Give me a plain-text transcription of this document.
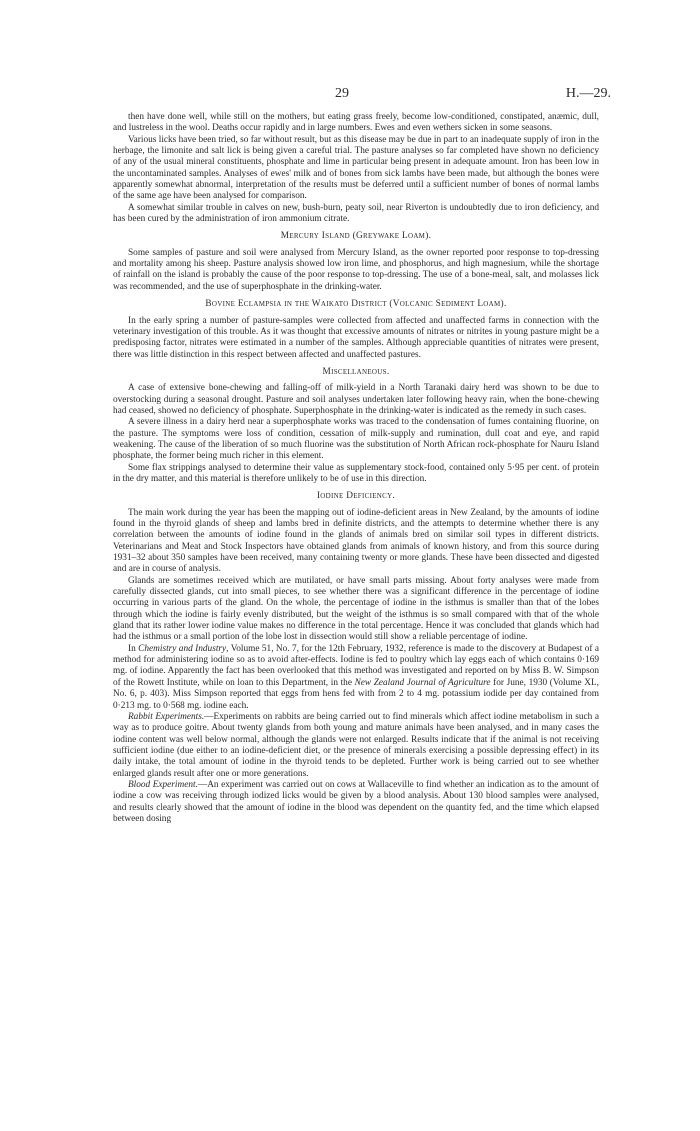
29	H.—29.

then have done well, while still on the mothers, but eating grass freely, become low-conditioned, constipated, anæmic, dull, and lustreless in the wool. Deaths occur rapidly and in large numbers. Ewes and even wethers sicken in some seasons.

Various licks have been tried, so far without result, but as this disease may be due in part to an inadequate supply of iron in the herbage, the limonite and salt lick is being given a careful trial. The pasture analyses so far completed have shown no deficiency of any of the usual mineral constituents, phosphate and lime in particular being present in adequate amount. Iron has been low in the uncontaminated samples. Analyses of ewes' milk and of bones from sick lambs have been made, but although the bones were apparently somewhat abnormal, interpretation of the results must be deferred until a sufficient number of bones of normal lambs of the same age have been analysed for comparison.

A somewhat similar trouble in calves on new, bush-burn, peaty soil, near Riverton is undoubtedly due to iron deficiency, and has been cured by the administration of iron ammonium citrate.

Mercury Island (Greywake Loam).

Some samples of pasture and soil were analysed from Mercury Island, as the owner reported poor response to top-dressing and mortality among his sheep. Pasture analysis showed low iron lime, and phosphorus, and high magnesium, while the shortage of rainfall on the island is probably the cause of the poor response to top-dressing. The use of a bone-meal, salt, and molasses lick was recommended, and the use of superphosphate in the drinking-water.

Bovine Eclampsia in the Waikato District (Volcanic Sediment Loam).

In the early spring a number of pasture-samples were collected from affected and unaffected farms in connection with the veterinary investigation of this trouble. As it was thought that excessive amounts of nitrates or nitrites in young pasture might be a predisposing factor, nitrates were estimated in a number of the samples. Although appreciable quantities of nitrates were present, there was little distinction in this respect between affected and unaffected pastures.

Miscellaneous.

A case of extensive bone-chewing and falling-off of milk-yield in a North Taranaki dairy herd was shown to be due to overstocking during a seasonal drought. Pasture and soil analyses undertaken later following heavy rain, when the bone-chewing had ceased, showed no deficiency of phosphate. Superphosphate in the drinking-water is indicated as the remedy in such cases.

A severe illness in a dairy herd near a superphosphate works was traced to the condensation of fumes containing fluorine, on the pasture. The symptoms were loss of condition, cessation of milk-supply and rumination, dull coat and eye, and rapid weakening. The cause of the liberation of so much fluorine was the substitution of North African rock-phosphate for Nauru Island phosphate, the former being much richer in this element.

Some flax strippings analysed to determine their value as supplementary stock-food, contained only 5·95 per cent. of protein in the dry matter, and this material is therefore unlikely to be of use in this direction.

Iodine Deficiency.

The main work during the year has been the mapping out of iodine-deficient areas in New Zealand, by the amounts of iodine found in the thyroid glands of sheep and lambs bred in definite districts, and the attempts to determine whether there is any correlation between the amounts of iodine found in the glands of animals bred on similar soil types in different districts. Veterinarians and Meat and Stock Inspectors have obtained glands from animals of known history, and from this source during 1931–32 about 350 samples have been received, many containing twenty or more glands. These have been dissected and digested and are in course of analysis.

Glands are sometimes received which are mutilated, or have small parts missing. About forty analyses were made from carefully dissected glands, cut into small pieces, to see whether there was a significant difference in the percentage of iodine occurring in various parts of the gland. On the whole, the percentage of iodine in the isthmus is smaller than that of the lobes through which the iodine is fairly evenly distributed, but the weight of the isthmus is so small compared with that of the whole gland that its rather lower iodine value makes no difference in the total percentage. Hence it was concluded that glands which had had the isthmus or a small portion of the lobe lost in dissection would still show a reliable percentage of iodine.

In Chemistry and Industry, Volume 51, No. 7, for the 12th February, 1932, reference is made to the discovery at Budapest of a method for administering iodine so as to avoid after-effects. Iodine is fed to poultry which lay eggs each of which contains 0·169 mg. of iodine. Apparently the fact has been overlooked that this method was investigated and reported on by Miss B. W. Simpson of the Rowett Institute, while on loan to this Department, in the New Zealand Journal of Agriculture for June, 1930 (Volume XL, No. 6, p. 403). Miss Simpson reported that eggs from hens fed with from 2 to 4 mg. potassium iodide per day contained from 0·213 mg. to 0·568 mg. iodine each.

Rabbit Experiments.—Experiments on rabbits are being carried out to find minerals which affect iodine metabolism in such a way as to produce goitre. About twenty glands from both young and mature animals have been analysed, and in many cases the iodine content was well below normal, although the glands were not enlarged. Results indicate that if the animal is not receiving sufficient iodine (due either to an iodine-deficient diet, or the presence of minerals exercising a possible depressing effect) in its daily intake, the total amount of iodine in the thyroid tends to be depleted. Further work is being carried out to see whether enlarged glands result after one or more generations.

Blood Experiment.—An experiment was carried out on cows at Wallaceville to find whether an indication as to the amount of iodine a cow was receiving through iodized licks would be given by a blood analysis. About 130 blood samples were analysed, and results clearly showed that the amount of iodine in the blood was dependent on the quantity fed, and the time which elapsed between dosing
